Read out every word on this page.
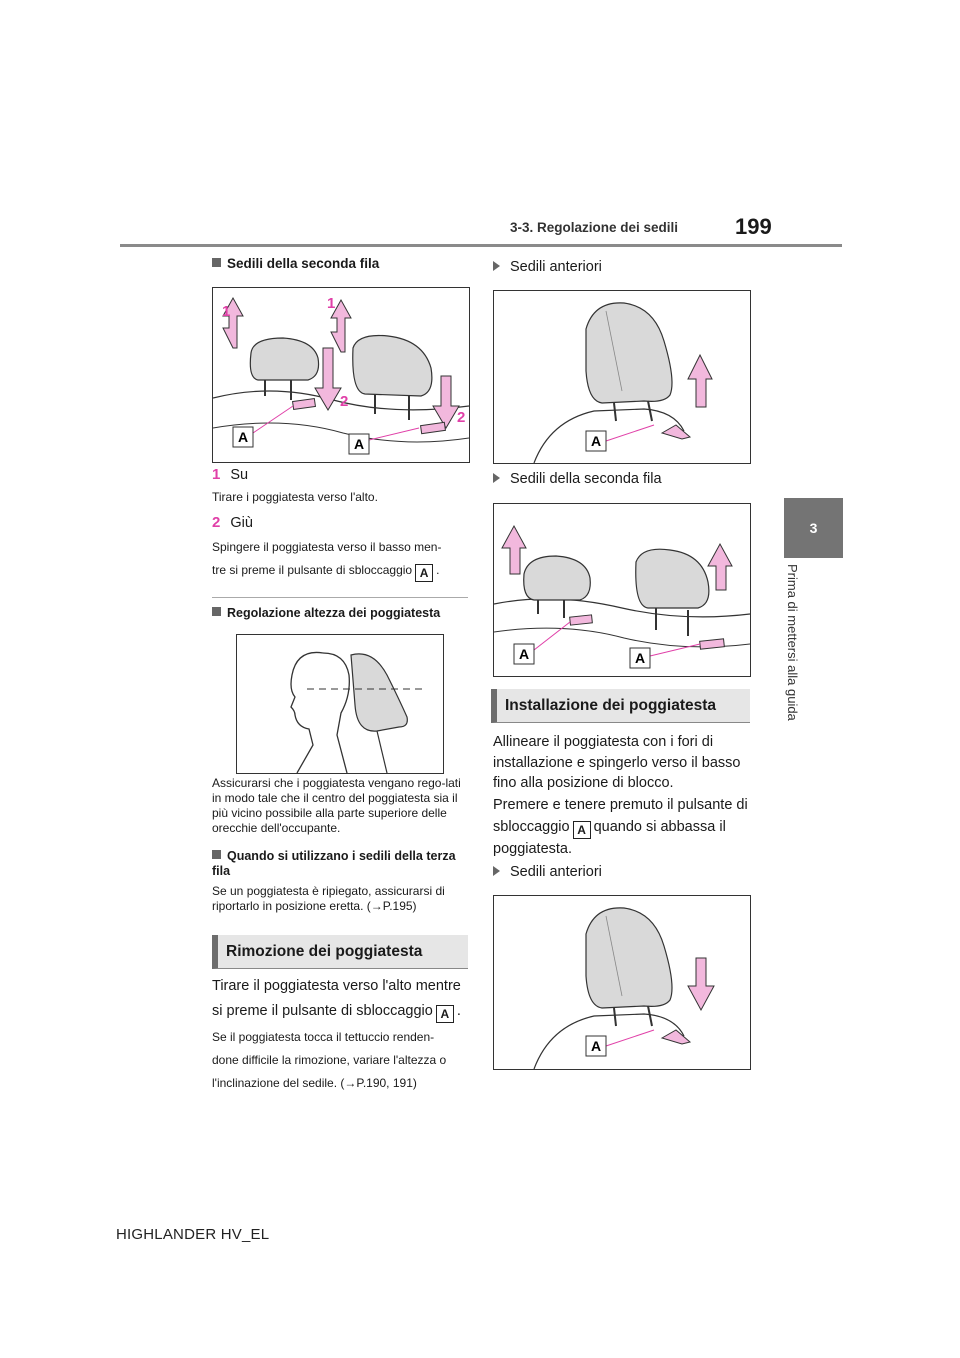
199
3-3. Regolazione dei sedili
3
Prima di mettersi alla guida
Sedili della seconda fila
A	A
1	1
2
2
1 Su
Tirare i poggiatesta verso l'alto.
2 Giù
Spingere il poggiatesta verso il basso men-
tre si preme il pulsante di sbloccaggio A .
Regolazione altezza dei poggiatesta
Assicurarsi che i poggiatesta vengano rego-lati in modo tale che il centro del poggiatesta sia il più vicino possibile alla parte superiore delle orecchie dell'occupante.
Quando si utilizzano i sedili della terza fila
Se un poggiatesta è ripiegato, assicurarsi di riportarlo in posizione eretta. (→P.195)
Rimozione dei poggiatesta
Tirare il poggiatesta verso l'alto mentre
si preme il pulsante di sbloccaggio A .
Se il poggiatesta tocca il tettuccio renden-
done difficile la rimozione, variare l'altezza o
l'inclinazione del sedile. (→P.190, 191)
Sedili anteriori
A
Sedili della seconda fila
A	A
Installazione dei poggiatesta
Allineare il poggiatesta con i fori di
installazione e spingerlo verso il basso
fino alla posizione di blocco.
Premere e tenere premuto il pulsante di
sbloccaggio A quando si abbassa il
poggiatesta.
Sedili anteriori
A
HIGHLANDER HV_EL
